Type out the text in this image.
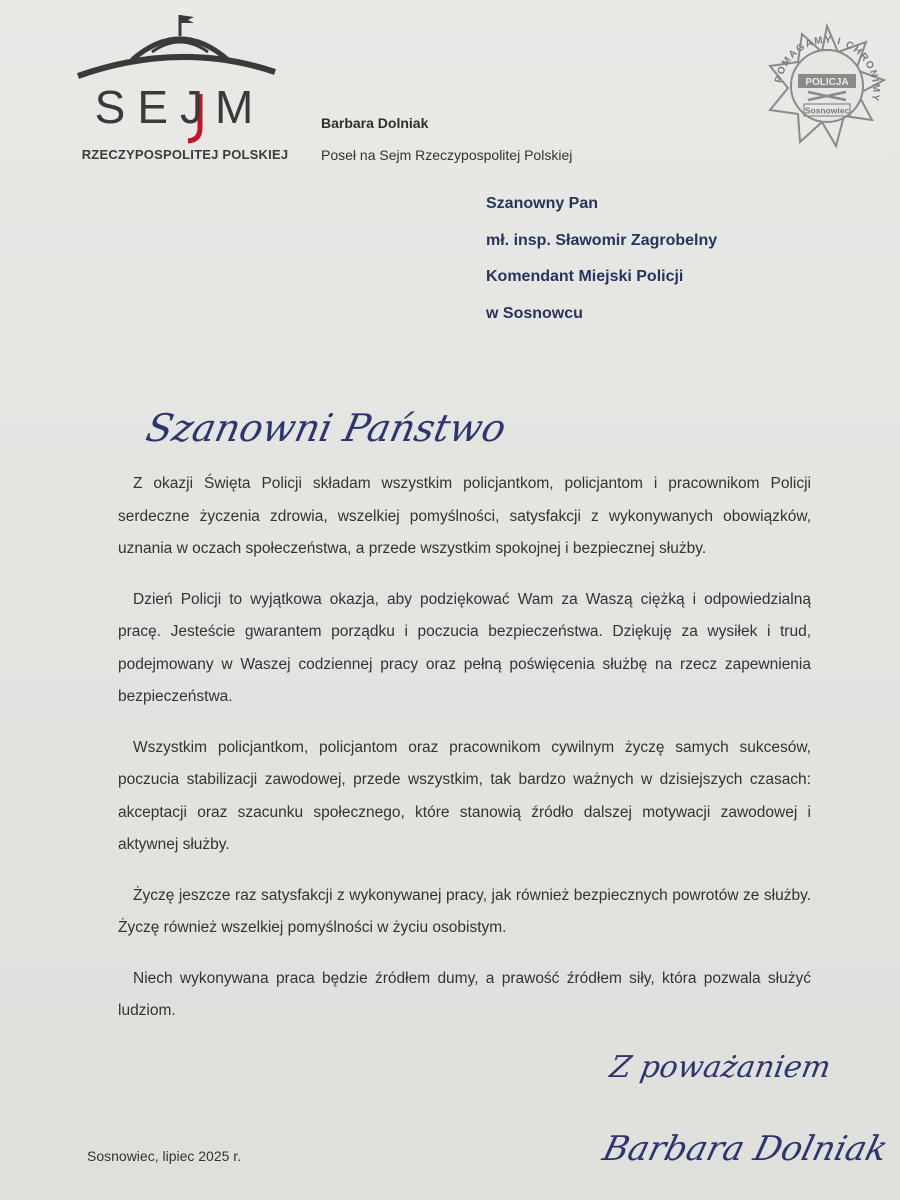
SEJM
RZECZYPOSPOLITEJ POLSKIEJ
POMAGAMY I CHRONIMY
POLICJA
Sosnowiec
Barbara Dolniak
Poseł na Sejm Rzeczypospolitej Polskiej
Szanowny Pan
mł. insp. Sławomir Zagrobelny
Komendant Miejski Policji
w Sosnowcu
Szanowni Państwo

Z okazji Święta Policji składam wszystkim policjantkom, policjantom i pracownikom Policji serdeczne życzenia zdrowia, wszelkiej pomyślności, satysfakcji z wykonywanych obowiązków, uznania w oczach społeczeństwa, a przede wszystkim spokojnej i bezpiecznej służby.

Dzień Policji to wyjątkowa okazja, aby podziękować Wam za Waszą ciężką i odpowiedzialną pracę. Jesteście gwarantem porządku i poczucia bezpieczeństwa. Dziękuję za wysiłek i trud, podejmowany w Waszej codziennej pracy oraz pełną poświęcenia służbę na rzecz zapewnienia bezpieczeństwa.

Wszystkim policjantkom, policjantom oraz pracownikom cywilnym życzę samych sukcesów, poczucia stabilizacji zawodowej, przede wszystkim, tak bardzo ważnych w dzisiejszych czasach: akceptacji oraz szacunku społecznego, które stanowią źródło dalszej motywacji zawodowej i aktywnej służby.

Życzę jeszcze raz satysfakcji z wykonywanej pracy, jak również bezpiecznych powrotów ze służby. Życzę również wszelkiej pomyślności w życiu osobistym.

Niech wykonywana praca będzie źródłem dumy, a prawość źródłem siły, która pozwala służyć ludziom.

Z poważaniem
Barbara Dolniak
Sosnowiec, lipiec 2025 r.
